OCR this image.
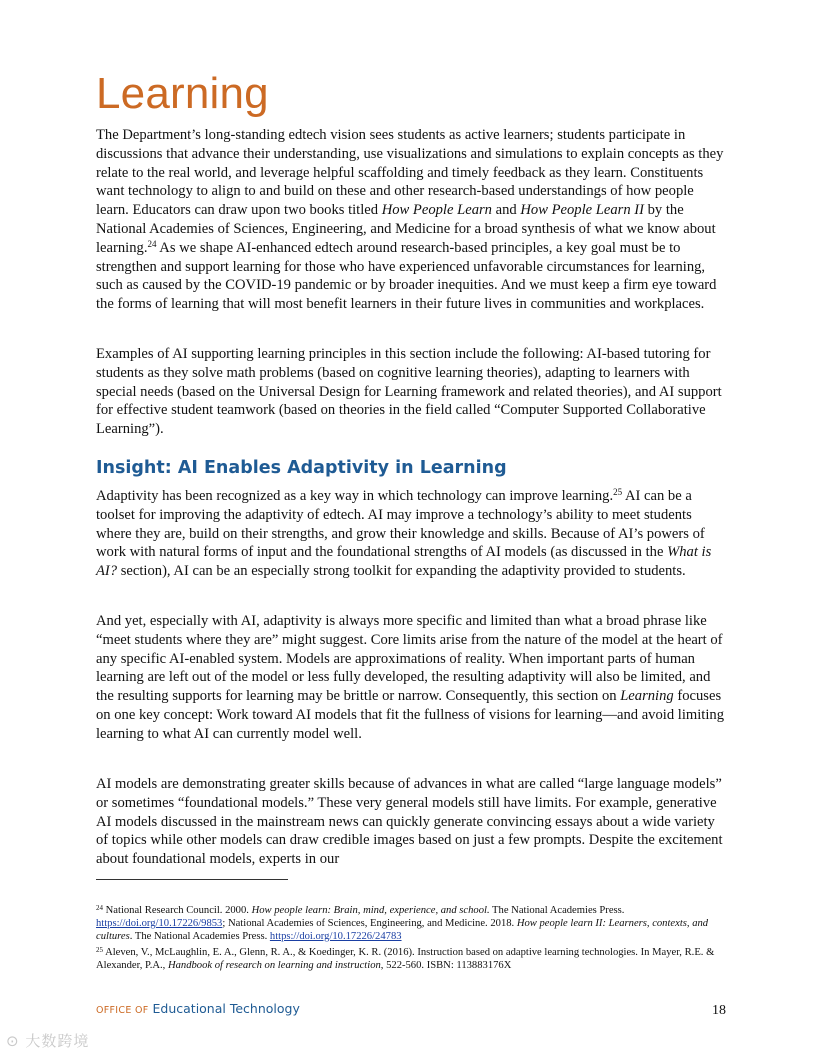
Learning

The Department’s long-standing edtech vision sees students as active learners; students participate in discussions that advance their understanding, use visualizations and simulations to explain concepts as they relate to the real world, and leverage helpful scaffolding and timely feedback as they learn. Constituents want technology to align to and build on these and other research-based understandings of how people learn. Educators can draw upon two books titled How People Learn and How People Learn II by the National Academies of Sciences, Engineering, and Medicine for a broad synthesis of what we know about learning.$^{24}$ As we shape AI-enhanced edtech around research-based principles, a key goal must be to strengthen and support learning for those who have experienced unfavorable circumstances for learning, such as caused by the COVID-19 pandemic or by broader inequities. And we must keep a firm eye toward the forms of learning that will most benefit learners in their future lives in communities and workplaces.

Examples of AI supporting learning principles in this section include the following: AI-based tutoring for students as they solve math problems (based on cognitive learning theories), adapting to learners with special needs (based on the Universal Design for Learning framework and related theories), and AI support for effective student teamwork (based on theories in the field called “Computer Supported Collaborative Learning”).

Insight: AI Enables Adaptivity in Learning

Adaptivity has been recognized as a key way in which technology can improve learning.$^{25}$ AI can be a toolset for improving the adaptivity of edtech. AI may improve a technology’s ability to meet students where they are, build on their strengths, and grow their knowledge and skills. Because of AI’s powers of work with natural forms of input and the foundational strengths of AI models (as discussed in the What is AI? section), AI can be an especially strong toolkit for expanding the adaptivity provided to students.

And yet, especially with AI, adaptivity is always more specific and limited than what a broad phrase like “meet students where they are” might suggest. Core limits arise from the nature of the model at the heart of any specific AI-enabled system. Models are approximations of reality. When important parts of human learning are left out of the model or less fully developed, the resulting adaptivity will also be limited, and the resulting supports for learning may be brittle or narrow. Consequently, this section on Learning focuses on one key concept: Work toward AI models that fit the fullness of visions for learning—and avoid limiting learning to what AI can currently model well.

AI models are demonstrating greater skills because of advances in what are called “large language models” or sometimes “foundational models.” These very general models still have limits. For example, generative AI models discussed in the mainstream news can quickly generate convincing essays about a wide variety of topics while other models can draw credible images based on just a few prompts. Despite the excitement about foundational models, experts in our

$^{24}$ National Research Council. 2000. How people learn: Brain, mind, experience, and school. The National Academies Press. https://doi.org/10.17226/9853; National Academies of Sciences, Engineering, and Medicine. 2018. How people learn II: Learners, contexts, and cultures. The National Academies Press. https://doi.org/10.17226/24783

$^{25}$ Aleven, V., McLaughlin, E. A., Glenn, R. A., & Koedinger, K. R. (2016). Instruction based on adaptive learning technologies. In Mayer, R.E. & Alexander, P.A., Handbook of research on learning and instruction, 522-560. ISBN: 113883176X

OFFICE OF Educational Technology	18
⊙ 大数跨境
